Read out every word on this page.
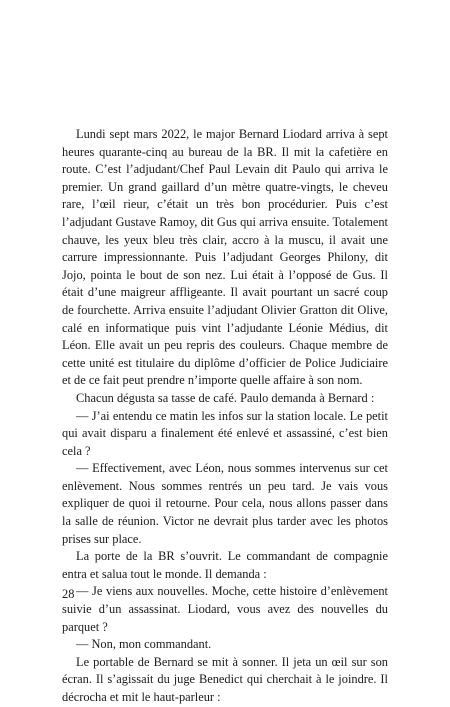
Lundi sept mars 2022, le major Bernard Liodard arriva à sept heures quarante-cinq au bureau de la BR. Il mit la cafetière en route. C’est l’adjudant/Chef Paul Levain dit Paulo qui arriva le premier. Un grand gaillard d’un mètre quatre-vingts, le cheveu rare, l’œil rieur, c’était un très bon procédurier. Puis c’est l’adjudant Gustave Ramoy, dit Gus qui arriva ensuite. Totalement chauve, les yeux bleu très clair, accro à la muscu, il avait une carrure impressionnante. Puis l’adjudant Georges Philony, dit Jojo, pointa le bout de son nez. Lui était à l’opposé de Gus. Il était d’une maigreur affligeante. Il avait pourtant un sacré coup de fourchette. Arriva ensuite l’adjudant Olivier Gratton dit Olive, calé en informatique puis vint l’adjudante Léonie Médius, dit Léon. Elle avait un peu repris des couleurs. Chaque membre de cette unité est titulaire du diplôme d’officier de Police Judiciaire et de ce fait peut prendre n’importe quelle affaire à son nom.

Chacun dégusta sa tasse de café. Paulo demanda à Bernard :

— J’ai entendu ce matin les infos sur la station locale. Le petit qui avait disparu a finalement été enlevé et assassiné, c’est bien cela ?

— Effectivement, avec Léon, nous sommes intervenus sur cet enlèvement. Nous sommes rentrés un peu tard. Je vais vous expliquer de quoi il retourne. Pour cela, nous allons passer dans la salle de réunion. Victor ne devrait plus tarder avec les photos prises sur place.

La porte de la BR s’ouvrit. Le commandant de compagnie entra et salua tout le monde. Il demanda :

— Je viens aux nouvelles. Moche, cette histoire d’enlèvement suivie d’un assassinat. Liodard, vous avez des nouvelles du parquet ?

— Non, mon commandant.

Le portable de Bernard se mit à sonner. Il jeta un œil sur son écran. Il s’agissait du juge Benedict qui cherchait à le joindre. Il décrocha et mit le haut-parleur :

28
